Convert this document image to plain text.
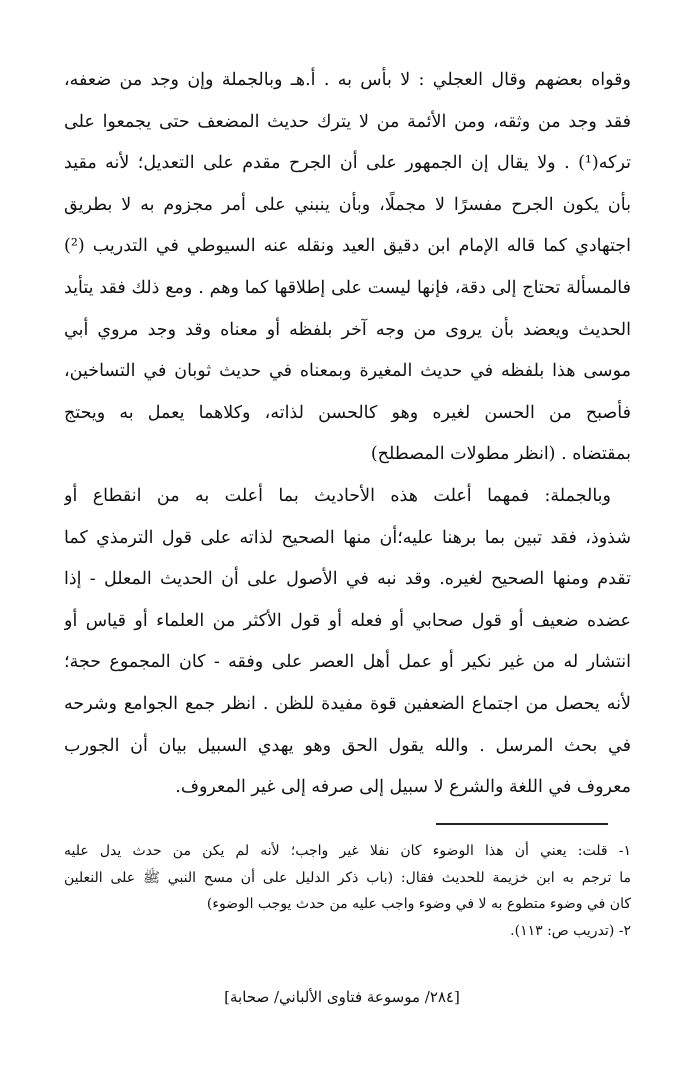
وقواه بعضهم وقال العجلي : لا بأس به . أ.هـ وبالجملة وإن وجد من ضعفه،
فقد وجد من وثقه، ومن الأئمة من لا يترك حديث المضعف حتى يجمعوا على
تركه(¹) . ولا يقال إن الجمهور على أن الجرح مقدم على التعديل؛ لأنه مقيد
بأن يكون الجرح مفسرًا لا مجملًا، وبأن ينبني على أمر مجزوم به لا بطريق
اجتهادي كما قاله الإمام ابن دقيق العيد ونقله عنه السيوطي في التدريب (²)
فالمسألة تحتاج إلى دقة، فإنها ليست على إطلاقها كما وهم . ومع ذلك فقد يتأيد
الحديث ويعضد بأن يروى من وجه آخر بلفظه أو معناه وقد وجد مروي أبي
موسى هذا بلفظه في حديث المغيرة وبمعناه في حديث ثوبان في التساخين،
فأصبح من الحسن لغيره وهو كالحسن لذاته، وكلاهما يعمل به ويحتج
بمقتضاه . (انظر مطولات المصطلح)
وبالجملة: فمهما أعلت هذه الأحاديث بما أعلت به من انقطاع أو
شذوذ، فقد تبين بما برهنا عليه؛أن منها الصحيح لذاته على قول الترمذي كما
تقدم ومنها الصحيح لغيره. وقد نبه في الأصول على أن الحديث المعلل - إذا
عضده ضعيف أو قول صحابي أو فعله أو قول الأكثر من العلماء أو قياس أو
انتشار له من غير نكير أو عمل أهل العصر على وفقه - كان المجموع حجة؛
لأنه يحصل من اجتماع الضعفين قوة مفيدة للظن . انظر جمع الجوامع وشرحه
في بحث المرسل . والله يقول الحق وهو يهدي السبيل بيان أن الجورب
معروف في اللغة والشرع لا سبيل إلى صرفه إلى غير المعروف.
١- قلت: يعني أن هذا الوضوء كان نفلا غير واجب؛ لأنه لم يكن من حدث يدل عليه
ما ترجم به ابن خزيمة للحديث فقال: (باب ذكر الدليل على أن مسح النبي ﷺ على النعلين
كان في وضوء متطوع به لا في وضوء واجب عليه من حدث يوجب الوضوء)
٢- (تدريب ص: ١١٣).
[٢٨٤/ موسوعة فتاوى الألباني/ صحابة]
